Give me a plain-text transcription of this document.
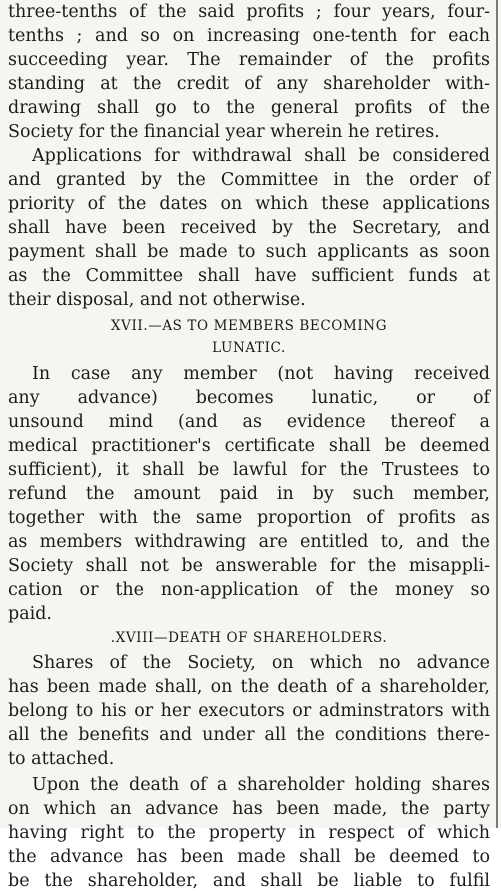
three-tenths of the said profits ; four years, four-
tenths ; and so on increasing one-tenth for each
succeeding year. The remainder of the profits
standing at the credit of any shareholder with-
drawing shall go to the general profits of the
Society for the financial year wherein he retires.
Applications for withdrawal shall be considered
and granted by the Committee in the order of
priority of the dates on which these applications
shall have been received by the Secretary, and
payment shall be made to such applicants as soon
as the Committee shall have sufficient funds at
their disposal, and not otherwise.
XVII.—AS TO MEMBERS BECOMING
LUNATIC.
In case any member (not having received
any advance) becomes lunatic, or of
unsound mind (and as evidence thereof a
medical practitioner's certificate shall be deemed
sufficient), it shall be lawful for the Trustees to
refund the amount paid in by such member,
together with the same proportion of profits as
as members withdrawing are entitled to, and the
Society shall not be answerable for the misappli-
cation or the non-application of the money so
paid.
.XVIII—DEATH OF SHAREHOLDERS.
Shares of the Society, on which no advance
has been made shall, on the death of a shareholder,
belong to his or her executors or adminstrators with
all the benefits and under all the conditions there-
to attached.
Upon the death of a shareholder holding shares
on which an advance has been made, the party
having right to the property in respect of which
the advance has been made shall be deemed to
be the shareholder, and shall be liable to fulfil
